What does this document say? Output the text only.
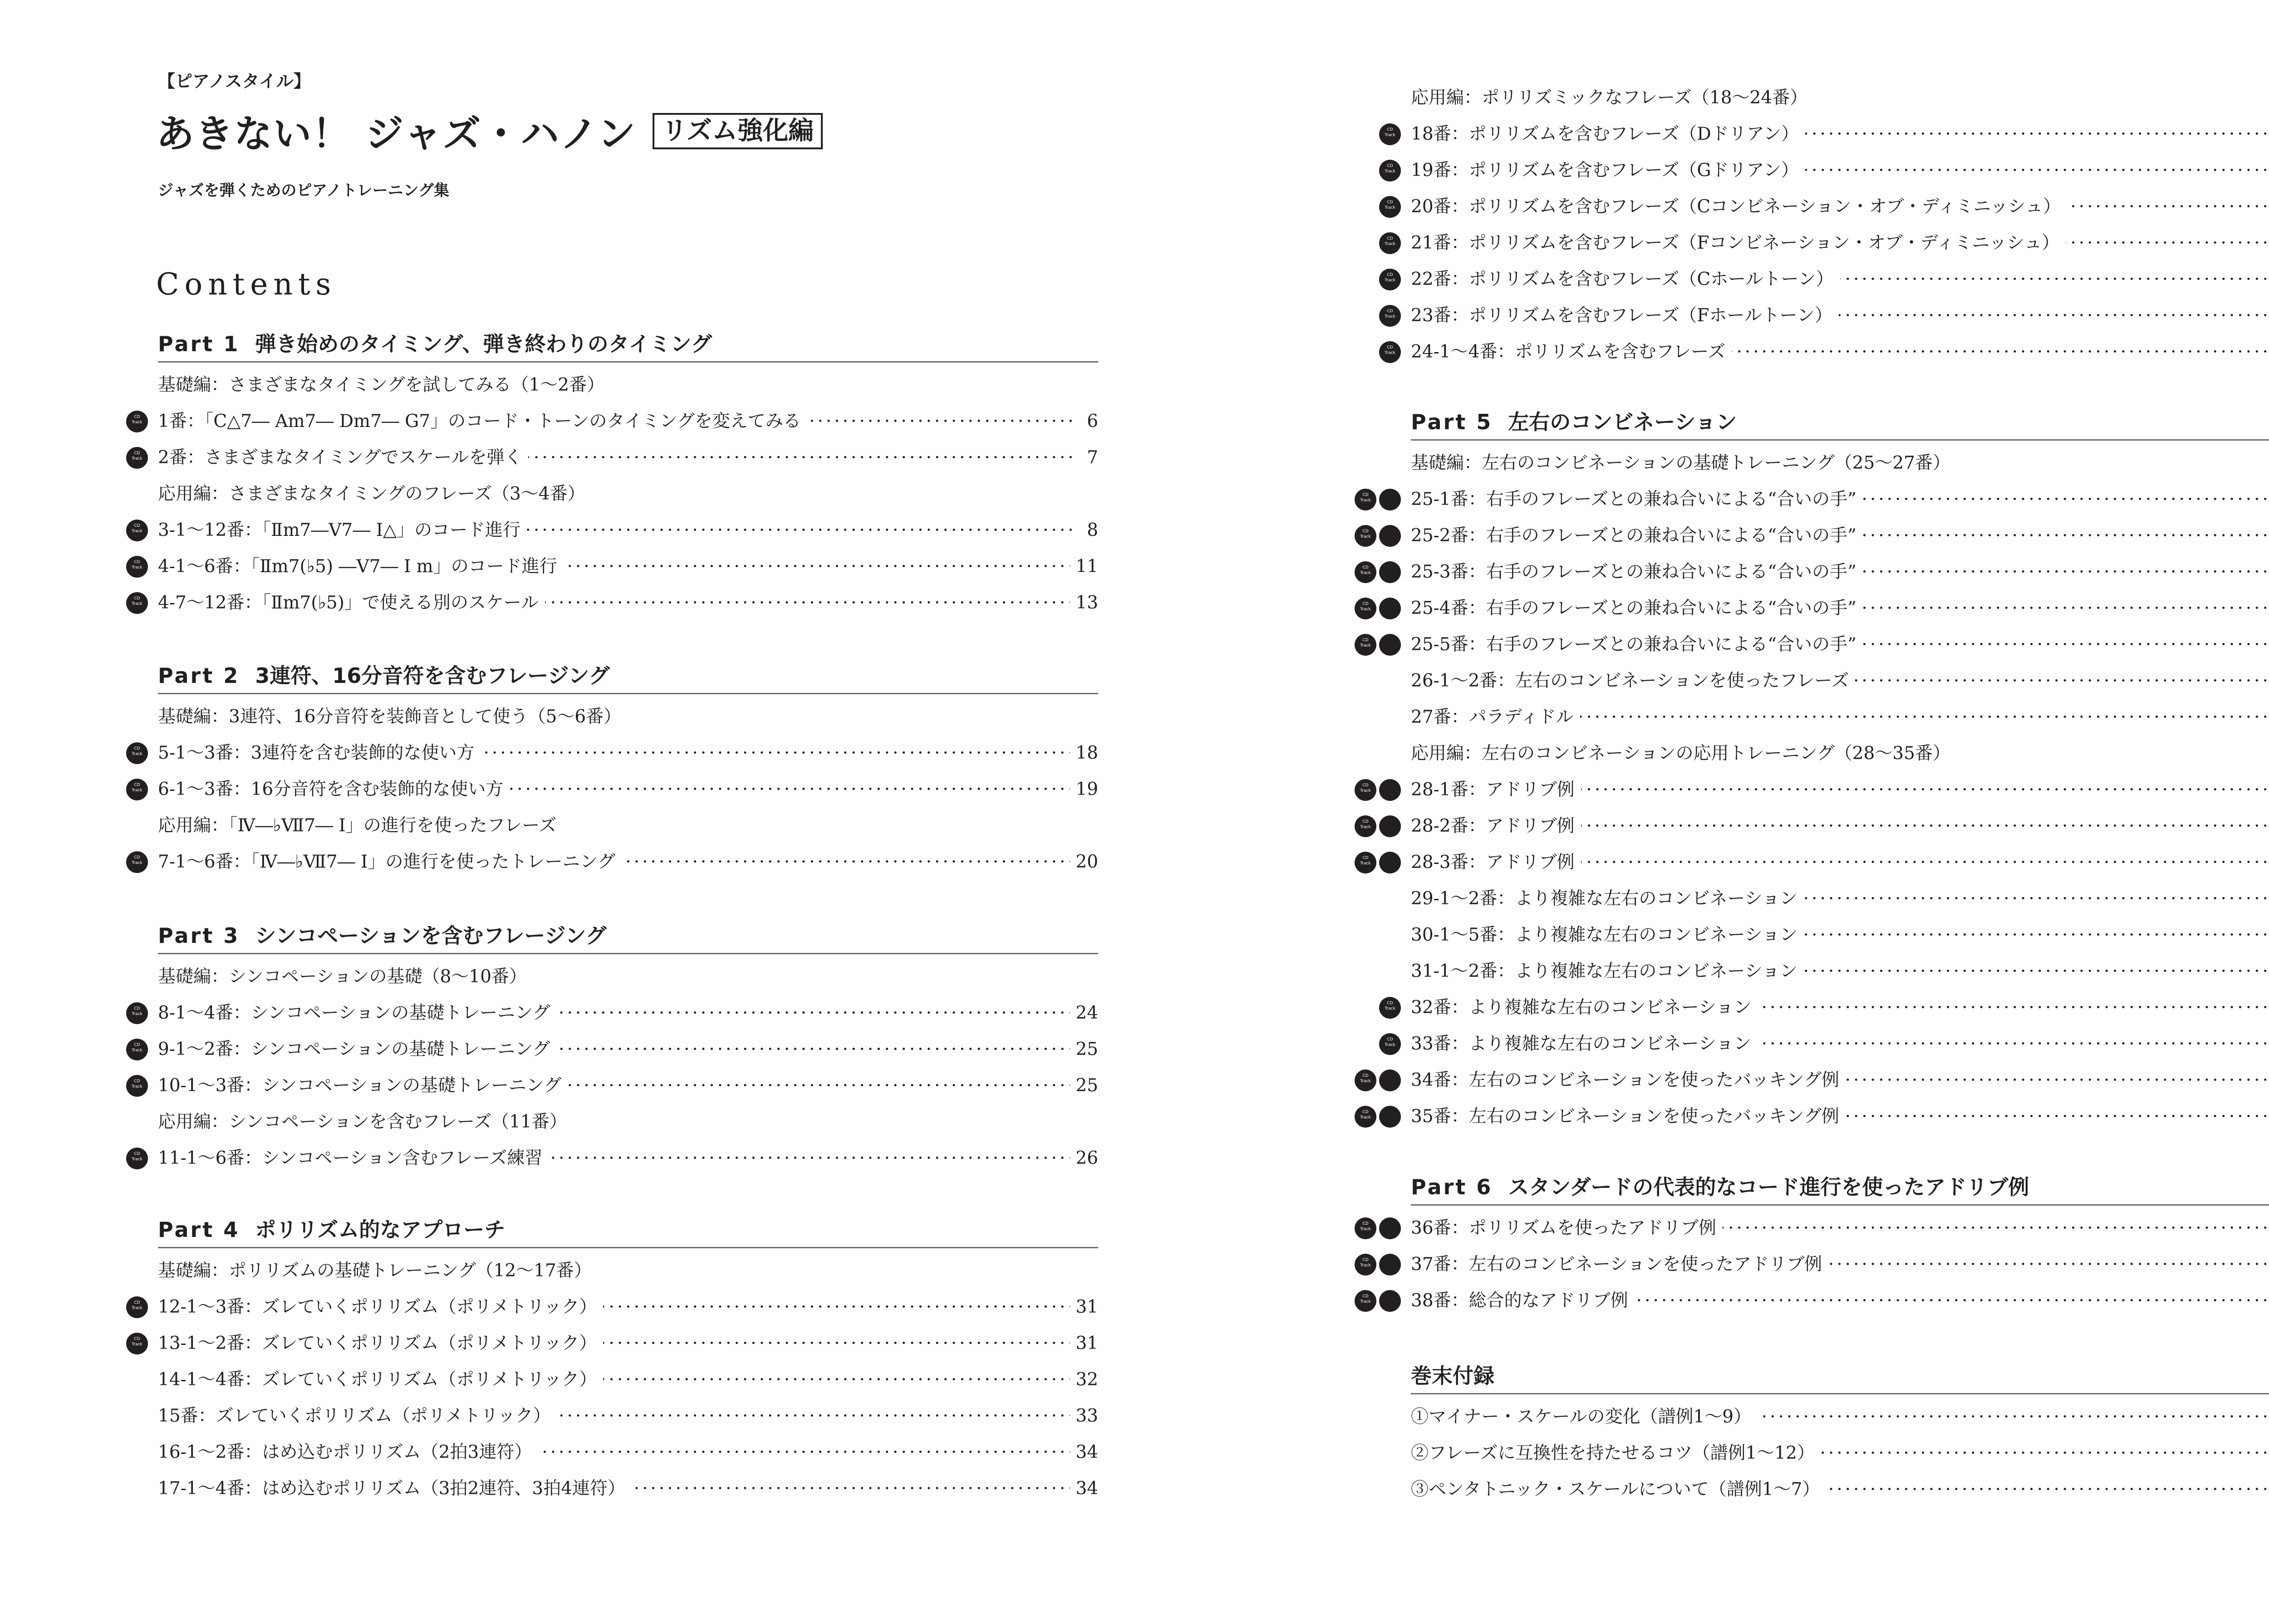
【ピアノスタイル】
あきない！ ジャズ・ハノン	リズム強化編
ジャズを弾くためのピアノトレーニング集
Contents
Part 1 弾き始めのタイミング、弾き終わりのタイミング
基礎編：さまざまなタイミングを試してみる（1〜2番）
CD Track
1番：「C△7― Am7― Dm7― G7」のコード・トーンのタイミングを変えてみる ·····	6
CD Track
2番：さまざまなタイミングでスケールを弾く ·····	7
応用編：さまざまなタイミングのフレーズ（3〜4番）
CD Track
3-1〜12番：「Ⅱm7―V7― I△」のコード進行 ·····	8
CD Track
4-1〜6番：「Ⅱm7(♭5) ―V7― I m」のコード進行 ·····	11
CD Track
4-7〜12番：「Ⅱm7(♭5)」で使える別のスケール ·····	13
Part 2 3連符、16分音符を含むフレージング
基礎編：3連符、16分音符を装飾音として使う（5〜6番）
CD Track
5-1〜3番：3連符を含む装飾的な使い方 ·····	18
CD Track
6-1〜3番：16分音符を含む装飾的な使い方 ·····	19
応用編：「Ⅳ―♭Ⅶ7― I」の進行を使ったフレーズ
CD Track
7-1〜6番：「Ⅳ―♭Ⅶ7― I」の進行を使ったトレーニング ·····	20
Part 3 シンコペーションを含むフレージング
基礎編：シンコペーションの基礎（8〜10番）
CD Track
8-1〜4番：シンコペーションの基礎トレーニング ·····	24
CD Track
9-1〜2番：シンコペーションの基礎トレーニング ·····	25
CD Track
10-1〜3番：シンコペーションの基礎トレーニング ·····	25
応用編：シンコペーションを含むフレーズ（11番）
CD Track
11-1〜6番：シンコペーション含むフレーズ練習 ·····	26
Part 4 ポリリズム的なアプローチ
基礎編：ポリリズムの基礎トレーニング（12〜17番）
CD Track
12-1〜3番：ズレていくポリリズム（ポリメトリック） ·····	31
CD Track
13-1〜2番：ズレていくポリリズム（ポリメトリック） ·····	31
14-1〜4番：ズレていくポリリズム（ポリメトリック） ·····	32
15番：ズレていくポリリズム（ポリメトリック） ·····	33
16-1〜2番：はめ込むポリリズム（2拍3連符） ·····	34
17-1〜4番：はめ込むポリリズム（3拍2連符、3拍4連符） ·····	34
応用編：ポリリズミックなフレーズ（18〜24番）
CD Track
18番：ポリリズムを含むフレーズ（Dドリアン）
·····
CD Track
19番：ポリリズムを含むフレーズ（Gドリアン）
·····
CD Track
20番：ポリリズムを含むフレーズ（Cコンビネーション・オブ・ディミニッシュ）
·····
CD Track
21番：ポリリズムを含むフレーズ（Fコンビネーション・オブ・ディミニッシュ）
·····
CD Track
22番：ポリリズムを含むフレーズ（Cホールトーン）
·····
CD Track
23番：ポリリズムを含むフレーズ（Fホールトーン）
·····
CD Track
24-1〜4番：ポリリズムを含むフレーズ
·····
Part 5 左右のコンビネーション
基礎編：左右のコンビネーションの基礎トレーニング（25〜27番）
CD Track
25-1番：右手のフレーズとの兼ね合いによる“合いの手”
·····
CD Track
25-2番：右手のフレーズとの兼ね合いによる“合いの手”
·····
CD Track
25-3番：右手のフレーズとの兼ね合いによる“合いの手”
·····
CD Track
25-4番：右手のフレーズとの兼ね合いによる“合いの手”
·····
CD Track
25-5番：右手のフレーズとの兼ね合いによる“合いの手”
·····
26-1〜2番：左右のコンビネーションを使ったフレーズ
·····
27番：パラディドル
·····
応用編：左右のコンビネーションの応用トレーニング（28〜35番）
CD Track
28-1番：アドリブ例
·····
CD Track
28-2番：アドリブ例
·····
CD Track
28-3番：アドリブ例
·····
29-1〜2番：より複雑な左右のコンビネーション
·····
30-1〜5番：より複雑な左右のコンビネーション
·····
31-1〜2番：より複雑な左右のコンビネーション
·····
CD Track
32番：より複雑な左右のコンビネーション
·····
CD Track
33番：より複雑な左右のコンビネーション
·····
CD Track
34番：左右のコンビネーションを使ったバッキング例
·····
CD Track
35番：左右のコンビネーションを使ったバッキング例
·····
Part 6 スタンダードの代表的なコード進行を使ったアドリブ例
CD Track
36番：ポリリズムを使ったアドリブ例
·····
CD Track
37番：左右のコンビネーションを使ったアドリブ例
·····
CD Track
38番：総合的なアドリブ例
·····
巻末付録
①マイナー・スケールの変化（譜例1〜9）
·····
②フレーズに互換性を持たせるコツ（譜例1〜12）
·····
③ペンタトニック・スケールについて（譜例1〜7）
·····
